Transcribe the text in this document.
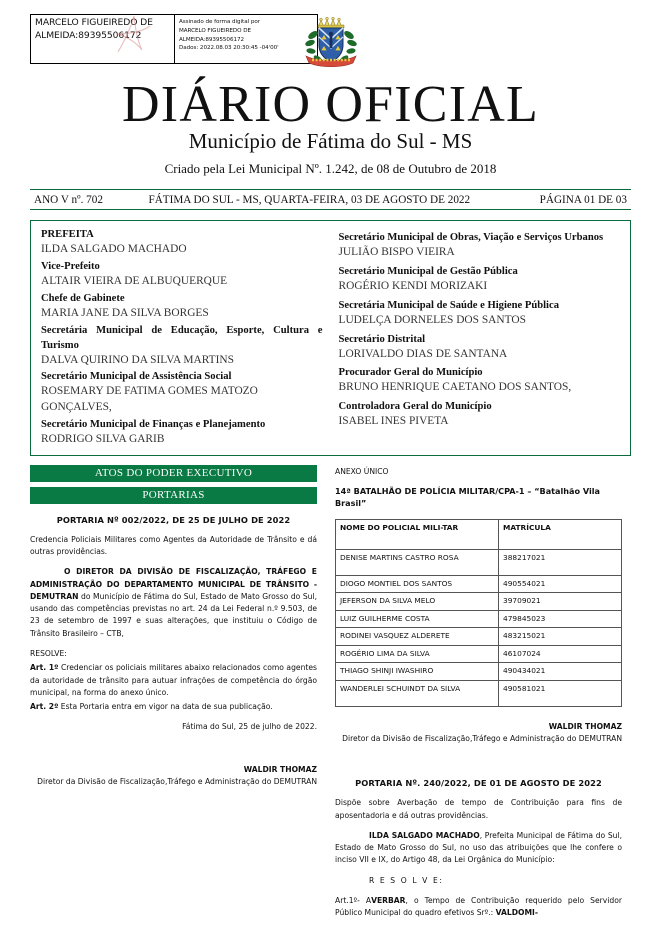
MARCELO FIGUEIREDO DE ALMEIDA:89395506172
Assinado de forma digital por
MARCELO FIGUEIREDO DE
ALMEIDA:89395506172
Dados: 2022.08.03 20:30:45 -04'00'
DIÁRIO OFICIAL
Município de Fátima do Sul - MS
Criado pela Lei Municipal Nº. 1.242, de 08 de Outubro de 2018
ANO V nº. 702	FÁTIMA DO SUL - MS, QUARTA-FEIRA, 03 DE AGOSTO DE 2022	PÁGINA 01 DE 03
PREFEITA
ILDA SALGADO MACHADO
Vice-Prefeito
ALTAIR VIEIRA DE ALBUQUERQUE
Chefe de Gabinete
MARIA JANE DA SILVA BORGES
Secretária Municipal de Educação, Esporte, Cultura e Turismo
DALVA QUIRINO DA SILVA MARTINS
Secretário Municipal de Assistência Social
ROSEMARY DE FATIMA GOMES MATOZO GONÇALVES,
Secretário Municipal de Finanças e Planejamento
RODRIGO SILVA GARIB
Secretário Municipal de Obras, Viação e Serviços Urbanos
JULIÃO BISPO VIEIRA
Secretário Municipal de Gestão Pública
ROGÉRIO KENDI MORIZAKI
Secretária Municipal de Saúde e Higiene Pública
LUDELÇA DORNELES DOS SANTOS
Secretário Distrital
LORIVALDO DIAS DE SANTANA
Procurador Geral do Município
BRUNO HENRIQUE CAETANO DOS SANTOS,
Controladora Geral do Município
ISABEL INES PIVETA
ATOS DO PODER EXECUTIVO
PORTARIAS
PORTARIA Nº 002/2022, DE 25 DE JULHO DE 2022

Credencia Policiais Militares como Agentes da Autoridade de Trânsito e dá outras providências.

O DIRETOR DA DIVISÃO DE FISCALIZAÇÃO, TRÁFEGO E ADMINISTRAÇÃO DO DEPARTAMENTO MUNICIPAL DE TRÂNSITO - DEMUTRAN do Município de Fátima do Sul, Estado de Mato Grosso do Sul, usando das competências previstas no art. 24 da Lei Federal n.º 9.503, de 23 de setembro de 1997 e suas alterações, que instituiu o Código de Trânsito Brasileiro – CTB,

RESOLVE:

Art. 1º Credenciar os policiais militares abaixo relacionados como agentes da autoridade de trânsito para autuar infrações de competência do órgão municipal, na forma do anexo único.

Art. 2º Esta Portaria entra em vigor na data de sua publicação.

Fátima do Sul, 25 de julho de 2022.

WALDIR THOMAZ
Diretor da Divisão de Fiscalização,Tráfego e Administração do DEMUTRAN
ANEXO ÚNICO
14ª BATALHÃO DE POLÍCIA MILITAR/CPA-1 – “Batalhão Vila Brasil”
NOME DO POLICIAL MILI-TAR	MATRÍCULA
DENISE MARTINS CASTRO ROSA	388217021
DIOGO MONTIEL DOS SANTOS	490554021
JEFERSON DA SILVA MELO	39709021
LUIZ GUILHERME COSTA	479845023
RODINEI VASQUEZ ALDERETE	483215021
ROGÉRIO LIMA DA SILVA	46107024
THIAGO SHINJI IWASHIRO	490434021
WANDERLEI SCHUINDT DA SILVA	490581021
WALDIR THOMAZ
Diretor da Divisão de Fiscalização,Tráfego e Administração do DEMUTRAN
PORTARIA Nº. 240/2022, DE 01 DE AGOSTO DE 2022

Dispõe sobre Averbação de tempo de Contribuição para fins de aposentadoria e dá outras providências.

ILDA SALGADO MACHADO, Prefeita Municipal de Fátima do Sul, Estado de Mato Grosso do Sul, no uso das atribuições que lhe confere o inciso VII e IX, do Artigo 48, da Lei Orgânica do Município:

R E S O L V E:

Art.1º- AVERBAR, o Tempo de Contribuição requerido pelo Servidor Público Municipal do quadro efetivos Srº.: VALDOMI-
